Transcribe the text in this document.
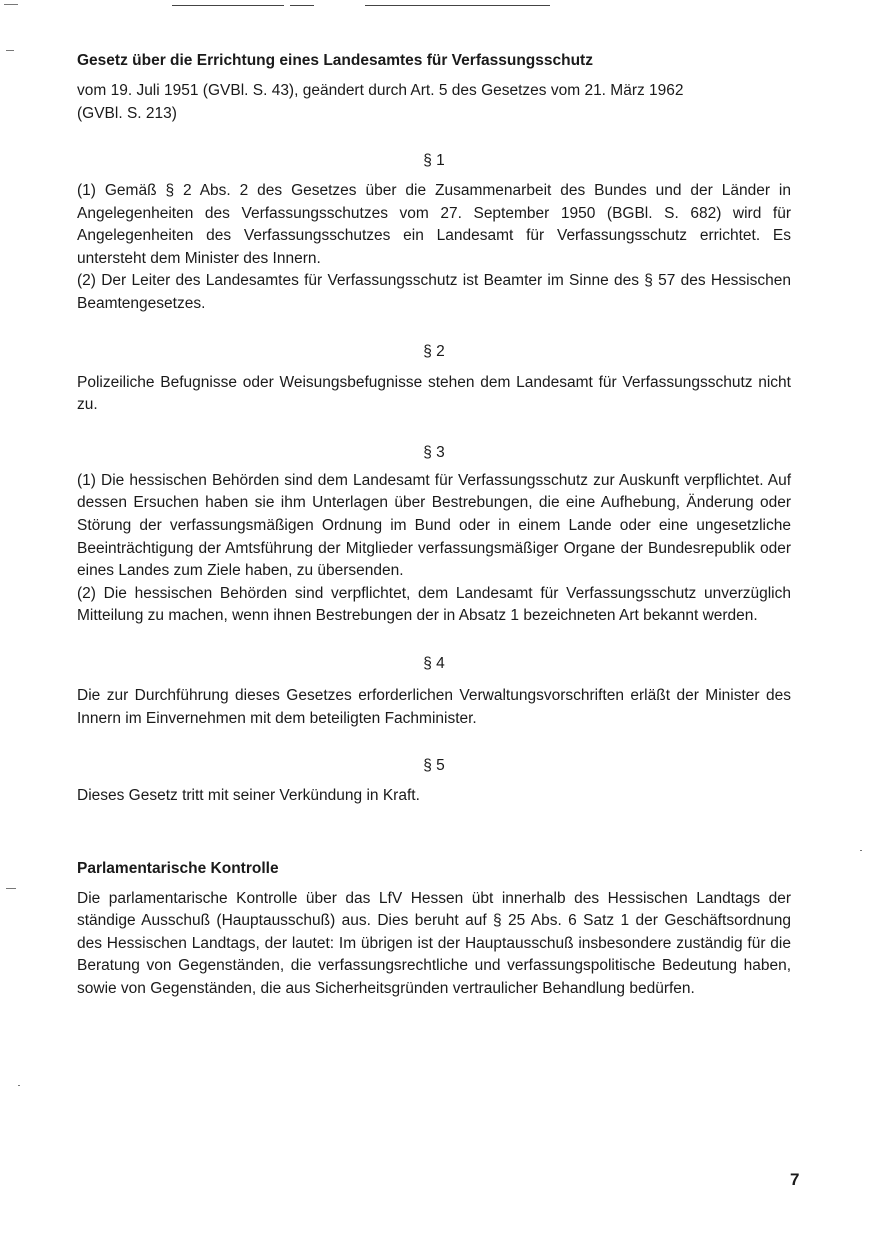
Gesetz über die Errichtung eines Landesamtes für Verfassungsschutz

vom 19. Juli 1951 (GVBl. S. 43), geändert durch Art. 5 des Gesetzes vom 21. März 1962

(GVBl. S. 213)

§ 1

(1) Gemäß § 2 Abs. 2 des Gesetzes über die Zusammenarbeit des Bundes und der Länder in Angelegenheiten des Verfassungsschutzes vom 27. September 1950 (BGBl. S. 682) wird für Angelegenheiten des Verfassungsschutzes ein Landesamt für Verfassungsschutz errichtet. Es untersteht dem Minister des Innern.

(2) Der Leiter des Landesamtes für Verfassungsschutz ist Beamter im Sinne des § 57 des Hessischen Beamtengesetzes.

§ 2

Polizeiliche Befugnisse oder Weisungsbefugnisse stehen dem Landesamt für Verfassungsschutz nicht zu.

§ 3

(1) Die hessischen Behörden sind dem Landesamt für Verfassungsschutz zur Auskunft verpflichtet. Auf dessen Ersuchen haben sie ihm Unterlagen über Bestrebungen, die eine Aufhebung, Änderung oder Störung der verfassungsmäßigen Ordnung im Bund oder in einem Lande oder eine ungesetzliche Beeinträchtigung der Amtsführung der Mitglieder verfassungsmäßiger Organe der Bundesrepublik oder eines Landes zum Ziele haben, zu übersenden.

(2) Die hessischen Behörden sind verpflichtet, dem Landesamt für Verfassungsschutz unverzüglich Mitteilung zu machen, wenn ihnen Bestrebungen der in Absatz 1 bezeichneten Art bekannt werden.

§ 4

Die zur Durchführung dieses Gesetzes erforderlichen Verwaltungsvorschriften erläßt der Minister des Innern im Einvernehmen mit dem beteiligten Fachminister.

§ 5

Dieses Gesetz tritt mit seiner Verkündung in Kraft.

Parlamentarische Kontrolle

Die parlamentarische Kontrolle über das LfV Hessen übt innerhalb des Hessischen Landtags der ständige Ausschuß (Hauptausschuß) aus. Dies beruht auf § 25 Abs. 6 Satz 1 der Geschäftsordnung des Hessischen Landtags, der lautet: Im übrigen ist der Hauptausschuß insbesondere zuständig für die Beratung von Gegenständen, die verfassungsrechtliche und verfassungspolitische Bedeutung haben, sowie von Gegenständen, die aus Sicherheitsgründen vertraulicher Behandlung bedürfen.

7
